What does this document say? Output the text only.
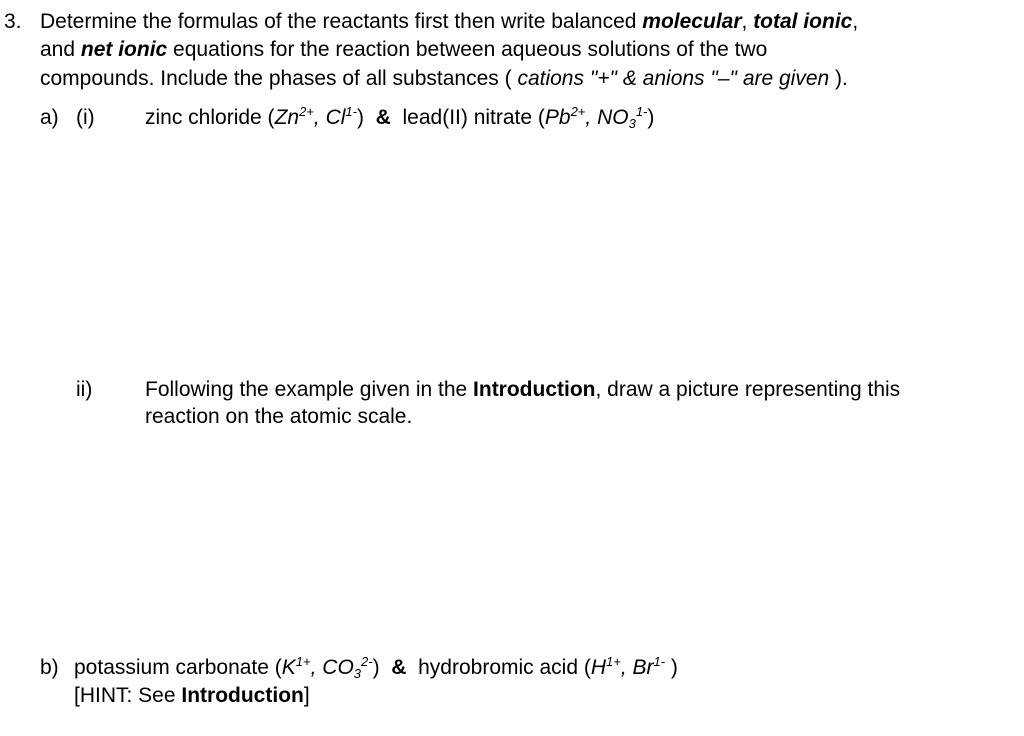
3. Determine the formulas of the reactants first then write balanced molecular, total ionic,
and net ionic equations for the reaction between aqueous solutions of the two
compounds. Include the phases of all substances ( cations "+" & anions "–" are given ).
a) (i) zinc chloride ($Zn^{2+}$, $Cl^{1-}$) & lead(II) nitrate ($Pb^{2+}$, $NO_3^{1-}$)
ii)	Following the example given in the Introduction, draw a picture representing this
reaction on the atomic scale.
b) potassium carbonate ($K^{1+}$, $CO_3^{2-}$) & hydrobromic acid ($H^{1+}$, $Br^{1-}$ )
[HINT: See Introduction]
